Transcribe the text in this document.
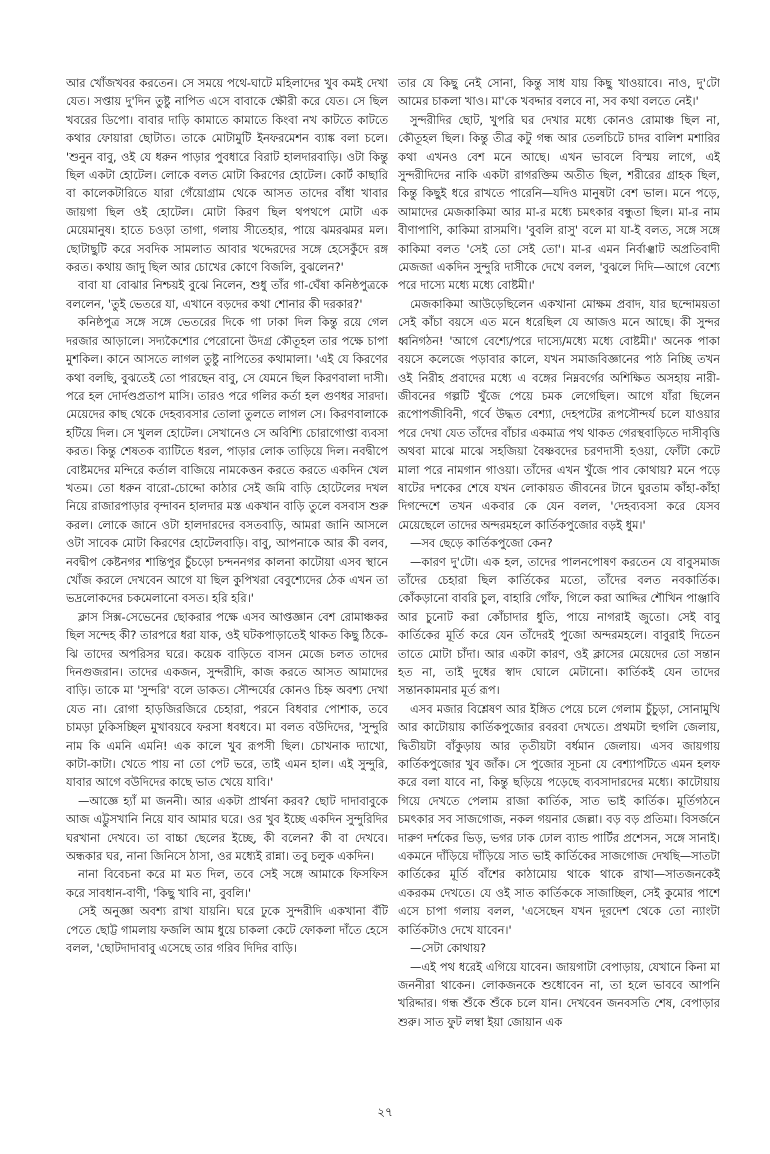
আর খোঁজখবর করতেন। সে সময়ে পথে-ঘাটে মহিলাদের খুব কমই দেখা যেত। সপ্তায় দু'দিন তুষ্টু নাপিত এসে বাবাকে ক্ষৌরী করে যেত। সে ছিল খবরের ডিপো। বাবার দাড়ি কামাতে কামাতে কিংবা নখ কাটতে কাটতে কথার ফোয়ারা ছোটাত। তাকে মোটামুটি ইনফরমেশন ব্যাঙ্ক বলা চলে। 'শুনুন বাবু, ওই যে ধরুন পাড়ার পুবধারে বিরাট হালদারবাড়ি। ওটা কিন্তু ছিল একটা হোটেল। লোকে বলত মোটা কিরণের হোটেল। কোর্ট কাছারি বা কালেকটারিতে যারা গেঁয়োগ্রাম থেকে আসত তাদের বাঁধা খাবার জায়গা ছিল ওই হোটেল। মোটা কিরণ ছিল থপথপে মোটা এক মেয়েমানুষ। হাতে চওড়া তাগা, গলায় সীতেহার, পায়ে ঝমরঝমর মল। ছোটাছুটি করে সবদিক সামলাত আবার খদ্দেরদের সঙ্গে হেসেকুঁদে রঙ্গ করত। কথায় জাদু ছিল আর চোখের কোণে বিজলি, বুঝলেন?'

বাবা যা বোঝার নিশ্চয়ই বুঝে নিলেন, শুধু তাঁর গা-ঘেঁষা কনিষ্ঠপুত্রকে বললেন, 'তুই ভেতরে যা, এখানে বড়দের কথা শোনার কী দরকার?'

কনিষ্ঠপুত্র সঙ্গে সঙ্গে ভেতরের দিকে গা ঢাকা দিল কিন্তু রয়ে গেল দরজার আড়ালে। সদ্যকৈশোর পেরোনো উদগ্র কৌতূহল তার পক্ষে চাপা মুশকিল। কানে আসতে লাগল তুষ্টু নাপিতের কথামালা। 'এই যে কিরণের কথা বলছি, বুঝতেই তো পারছেন বাবু, সে যেমনে ছিল কিরণবালা দাসী। পরে হল দোর্দণ্ডপ্রতাপ মাসি। তারও পরে গলির কর্তা হল গুণধর সারদা। মেয়েদের কাছ থেকে দেহব্যবসার তোলা তুলতে লাগল সে। কিরণবালাকে হটিয়ে দিল। সে খুলল হোটেল। সেখানেও সে অবিশ্যি চোরাগোপ্তা ব্যবসা করত। কিন্তু শেষতক ব্যাটিতে ধরল, পাড়ার লোক তাড়িয়ে দিল। নবদ্বীপে বোষ্টমদের মন্দিরে কর্তাল বাজিয়ে নামকেত্তন করতে করতে একদিন খেল খতম। তো ধরুন বারো-চোদ্দো কাঠার সেই জমি বাড়ি হোটেলের দখল নিয়ে রাজারপাড়ার বৃন্দাবন হালদার মস্ত একখান বাড়ি তুলে বসবাস শুরু করল। লোকে জানে ওটা হালদারদের বসতবাড়ি, আমরা জানি আসলে ওটা সাবেক মোটা কিরণের হোটেলবাড়ি। বাবু, আপনাকে আর কী বলব, নবদ্বীপ কেষ্টনগর শান্তিপুর চুঁচড়ো চন্দননগর কালনা কাটোয়া এসব স্থানে খোঁজ করলে দেখবেন আগে যা ছিল কুপিখরা বেবুশ্যেদের ঠেক এখন তা ভদ্রলোকদের চকমেলানো বসত। হরি হরি।'

ক্লাস সিক্স-সেভেনের ছোকরার পক্ষে এসব আপ্তজ্ঞান বেশ রোমাঞ্চকর ছিল সন্দেহ কী? তারপরে ধরা যাক, ওই ঘটকপাড়াতেই থাকত কিছু ঠিকে-ঝি তাদের অপরিসর ঘরে। কয়েক বাড়িতে বাসন মেজে চলত তাদের দিনগুজরান। তাদের একজন, সুন্দরীদি, কাজ করতে আসত আমাদের বাড়ি। তাকে মা 'সুন্দরি' বলে ডাকত। সৌন্দর্যের কোনও চিহ্ন অবশ্য দেখা যেত না। রোগা হাড়জিরজিরে চেহারা, পরনে বিধবার পোশাক, তবে চামড়া ঢুকিসচ্ছিল মুখাবয়বে ফরসা ধবধবে। মা বলত বউদিদের, 'সুন্দুরি নাম কি এমনি এমনি! এক কালে খুব রূপসী ছিল। চোখনাক দ্যাখো, কাটা-কাটা। খেতে পায় না তো পেট ভরে, তাই এমন হাল। এই সুন্দুরি, যাবার আগে বউদিদের কাছে ভাত খেয়ে যাবি।'

—আজ্ঞে হ্যাঁ মা জননী। আর একটা প্রার্থনা করব? ছোট দাদাবাবুকে আজ এট্টুসখানি নিয়ে যাব আমার ঘরে। ওর খুব ইচ্ছে একদিন সুন্দুরিদির ঘরখানা দেখবে। তা বাচ্চা ছেলের ইচ্ছে, কী বলেন? কী বা দেখবে। অন্ধকার ঘর, নানা জিনিসে ঠাসা, ওর মধ্যেই রান্না। তবু চলুক একদিন।

নানা বিবেচনা করে মা মত দিল, তবে সেই সঙ্গে আমাকে ফিসফিস করে সাবধান-বাণী, 'কিছু খাবি না, বুবলি।'

সেই অনুজ্ঞা অবশ্য রাখা যায়নি। ঘরে ঢুকে সুন্দরীদি একখানা বঁটি পেতে ছোট্ট গামলায় ফজলি আম ধুয়ে চাকলা কেটে ফোকলা দাঁতে হেসে বলল, 'ছোটদাদাবাবু এসেছে তার গরিব দিদির বাড়ি।

তার যে কিছু নেই সোনা, কিন্তু সাধ যায় কিছু খাওয়াবে। নাও, দু'টো আমের চাকলা খাও। মা'কে খবদ্দার বলবে না, সব কথা বলতে নেই।'

সুন্দরীদির ছোট, খুপরি ঘর দেখার মধ্যে কোনও রোমাঞ্চ ছিল না, কৌতূহল ছিল। কিন্তু তীব্র কটু গন্ধ আর তেলচিটে চাদর বালিশ মশারির কথা এখনও বেশ মনে আছে। এখন ভাবলে বিস্ময় লাগে, এই সুন্দরীদিদের নাকি একটা রাগরক্তিম অতীত ছিল, শরীরের গ্রাহক ছিল, কিন্তু কিছুই ধরে রাখতে পারেনি—যদিও মানুষটা বেশ ভাল। মনে পড়ে, আমাদের মেজকাকিমা আর মা-র মধ্যে চমৎকার বন্ধুতা ছিল। মা-র নাম বীণাপাণি, কাকিমা রাসমণি। 'বুবলি রাসু' বলে মা যা-ই বলত, সঙ্গে সঙ্গে কাকিমা বলত 'সেই তো সেই তো'। মা-র এমন নির্বাঞ্ঝাট অপ্রতিবাদী মেজজা একদিন সুন্দুরি দাসীকে দেখে বলল, 'বুঝলে দিদি—আগে বেশ্যে পরে দাস্যে মধ্যে মধ্যে বোষ্টমী।'

মেজকাকিমা আউড়েছিলেন একখানা মোক্ষম প্রবাদ, যার ছন্দোময়তা সেই কাঁচা বয়সে এত মনে ধরেছিল যে আজও মনে আছে। কী সুন্দর ধ্বনিগঠন! 'আগে বেশ্যে/পরে দাস্যে/মধ্যে মধ্যে বোষ্টমী।' অনেক পাকা বয়সে কলেজে পড়াবার কালে, যখন সমাজবিজ্ঞানের পাঠ নিচ্ছি তখন ওই নিরীহ প্রবাদের মধ্যে এ বঙ্গের নিম্নবর্গের অশিক্ষিত অসহায় নারী-জীবনের গল্পটি খুঁজে পেয়ে চমক লেগেছিল। আগে যাঁরা ছিলেন রূপোপজীবিনী, গর্বে উদ্ধত বেশ্যা, দেহপটের রূপসৌন্দর্য চলে যাওয়ার পরে দেখা যেত তাঁদের বাঁচার একমাত্র পথ থাকত গেরস্থবাড়িতে দাসীবৃত্তি অথবা মাঝে মাঝে সহজিয়া বৈষ্ণবদের চরণদাসী হওয়া, ফোঁটা কেটে মালা পরে নামগান গাওয়া। তাঁদের এখন খুঁজে পাব কোথায়? মনে পড়ে ষাটের দশকের শেষে যখন লোকায়ত জীবনের টানে ঘুরতাম কাঁহা-কাঁহা দিগন্দেশে তখন একবার কে যেন বলল, 'দেহব্যবসা করে যেসব মেয়েছেলে তাদের অন্দরমহলে কার্তিকপুজোর বড়ই ধুম।'

—সব ছেড়ে কার্তিকপুজো কেন?

—কারণ দু'টো। এক হল, তাদের পালনপোষণ করতেন যে বাবুসমাজ তাঁদের চেহারা ছিল কার্তিকের মতো, তাঁদের বলত নবকার্তিক। কোঁকড়ানো বাবরি চুল, বাহারি গোঁফ, গিলে করা আদ্দির শৌখিন পাঞ্জাবি আর চুনোট করা কোঁচাদার ধুতি, পায়ে নাগরাই জুতো। সেই বাবু কার্তিকের মূর্তি করে যেন তাঁদেরই পুজো অন্দরমহলে। বাবুরাই দিতেন তাতে মোটা চাঁদা। আর একটা কারণ, ওই ক্লাসের মেয়েদের তো সন্তান হত না, তাই দুধের স্বাদ ঘোলে মেটানো। কার্তিকই যেন তাদের সন্তানকামনার মূর্ত রূপ।

এসব মজার বিশ্লেষণ আর ইঙ্গিত পেয়ে চলে গেলাম চুঁচুড়া, সোনামুখি আর কাটোয়ায় কার্তিকপুজোর রবরবা দেখতে। প্রথমটা হুগলি জেলায়, দ্বিতীয়টা বাঁকুড়ায় আর তৃতীয়টা বর্ধমান জেলায়। এসব জায়গায় কার্তিকপুজোর খুব জাঁক। সে পুজোর সূচনা যে বেশ্যাপটিতে এমন হলফ করে বলা যাবে না, কিন্তু ছড়িয়ে পড়েছে ব্যবসাদারদের মধ্যে। কাটোয়ায় গিয়ে দেখতে পেলাম রাজা কার্তিক, সাত ভাই কার্তিক। মূর্তিগঠনে চমৎকার সব সাজগোজ, নকল গয়নার জেল্লা। বড় বড় প্রতিমা। বিসর্জনে দারুণ দর্শকের ভিড়, ভগর ঢাক ঢোল ব্যান্ড পার্টির প্রশেসন, সঙ্গে সানাই। একমনে দাঁড়িয়ে দাঁড়িয়ে সাত ভাই কার্তিকের সাজগোজ দেখছি—সাতটা কার্তিকের মূর্তি বাঁশের কাঠামোয় থাকে থাকে রাখা—সাতজনকেই একরকম দেখতে। যে ওই সাত কার্তিককে সাজাচ্ছিল, সেই কুমোর পাশে এসে চাপা গলায় বলল, 'এসেছেন যখন দূরদেশ থেকে তো ন্যাংটা কার্তিকটাও দেখে যাবেন।'

—সেটা কোথায়?

—এই পথ ধরেই এগিয়ে যাবেন। জায়গাটা বেপাড়ায়, যেখানে কিনা মা জননীরা থাকেন। লোকজনকে শুধোবেন না, তা হলে ভাববে আপনি খরিদ্দার। গন্ধ শুঁকে শুঁকে চলে যান। দেখবেন জনবসতি শেষ, বেপাড়ার শুরু। সাত ফুট লম্বা ইয়া জোয়ান এক

২৭
